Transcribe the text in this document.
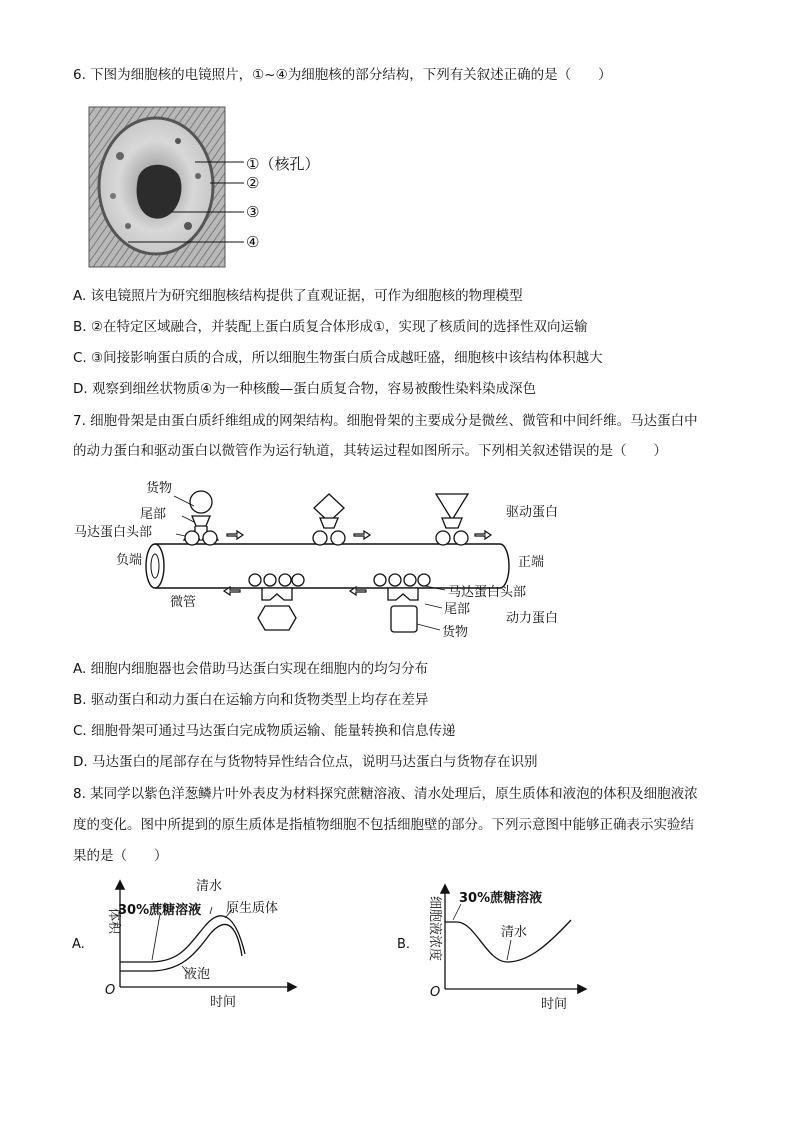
6. 下图为细胞核的电镜照片，①~④为细胞核的部分结构，下列有关叙述正确的是（　　）
①（核孔）
②
③
④
A. 该电镜照片为研究细胞核结构提供了直观证据，可作为细胞核的物理模型
B. ②在特定区域融合，并装配上蛋白质复合体形成①，实现了核质间的选择性双向运输
C. ③间接影响蛋白质的合成，所以细胞生物蛋白质合成越旺盛，细胞核中该结构体积越大
D. 观察到细丝状物质④为一种核酸—蛋白质复合物，容易被酸性染料染成深色
7. 细胞骨架是由蛋白质纤维组成的网架结构。细胞骨架的主要成分是微丝、微管和中间纤维。马达蛋白中
的动力蛋白和驱动蛋白以微管作为运行轨道，其转运过程如图所示。下列相关叙述错误的是（　　）
货物
尾部
马达蛋白头部
负端	正端
驱动蛋白
微管
马达蛋白头部
尾部
货物
动力蛋白
A. 细胞内细胞器也会借助马达蛋白实现在细胞内的均匀分布
B. 驱动蛋白和动力蛋白在运输方向和货物类型上均存在差异
C. 细胞骨架可通过马达蛋白完成物质运输、能量转换和信息传递
D. 马达蛋白的尾部存在与货物特异性结合位点，说明马达蛋白与货物存在识别
8. 某同学以紫色洋葱鳞片叶外表皮为材料探究蔗糖溶液、清水处理后，原生质体和液泡的体积及细胞液浓
度的变化。图中所提到的原生质体是指植物细胞不包括细胞壁的部分。下列示意图中能够正确表示实验结
果的是（　　）
A.
O
体积
时间
清水
30%蔗糖溶液 原生质体
液泡
B.
O
细胞液浓度
时间
30%蔗糖溶液
清水
